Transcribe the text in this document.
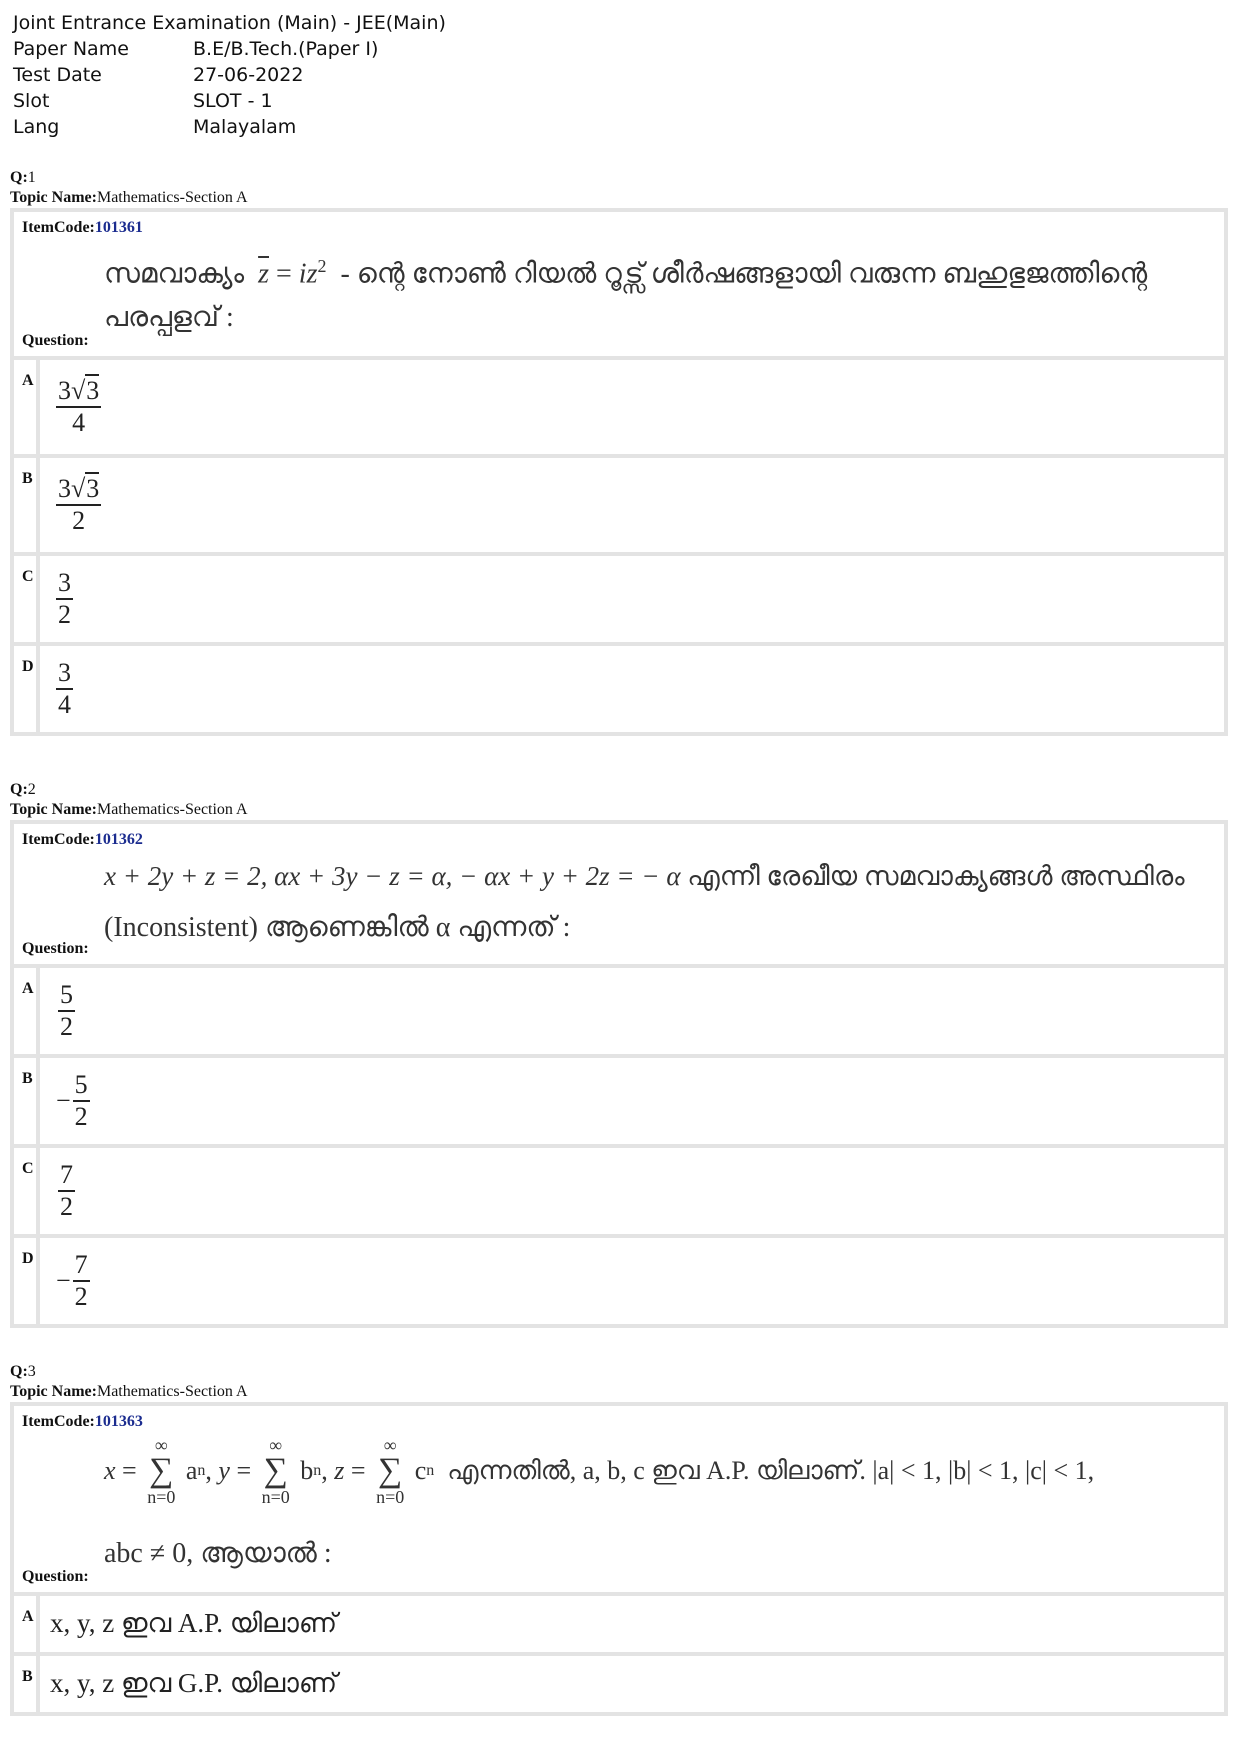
Joint Entrance Examination (Main) - JEE(Main)
Paper Name	B.E/B.Tech.(Paper I)
Test Date	27-06-2022
Slot	SLOT - 1
Lang	Malayalam
Q:1
Topic Name:Mathematics-Section A
ItemCode:101361
സമവാക്യം $\overline{z} = iz^2$ - ന്റെ നോൺ റിയൽ റൂട്സ് ശീർഷങ്ങളായി വരുന്ന ബഹുഭുജത്തിന്റെ
പരപ്പളവ് :
Question:
A $\frac{3√3}{4}$
B $\frac{3√3}{2}$
C $\frac{3}{2}$
D $\frac{3}{4}$
Q:2
Topic Name:Mathematics-Section A
ItemCode:101362
x + 2y + z = 2, αx + 3y − z = α, − αx + y + 2z = − α എന്നീ രേഖീയ സമവാക്യങ്ങൾ അസ്ഥിരം
(Inconsistent) ആണെങ്കിൽ α എന്നത് :
Question:
A $\frac{5}{2}$
B
− $\frac{5}{2}$
C $\frac{7}{2}$
D
− $\frac{7}{2}$
Q:3
Topic Name:Mathematics-Section A
ItemCode:101363
x =
∞
∑
n=0
a n , y =
∞
∑
n=0
b n , z =
∞
∑
n=0
c n
എന്നതിൽ, a, b, c ഇവ A.P. യിലാണ്. |a| < 1, |b| < 1, |c| < 1,
abc ≠ 0, ആയാൽ :
Question:
A x, y, z ഇവ A.P. യിലാണ്
B x, y, z ഇവ G.P. യിലാണ്
